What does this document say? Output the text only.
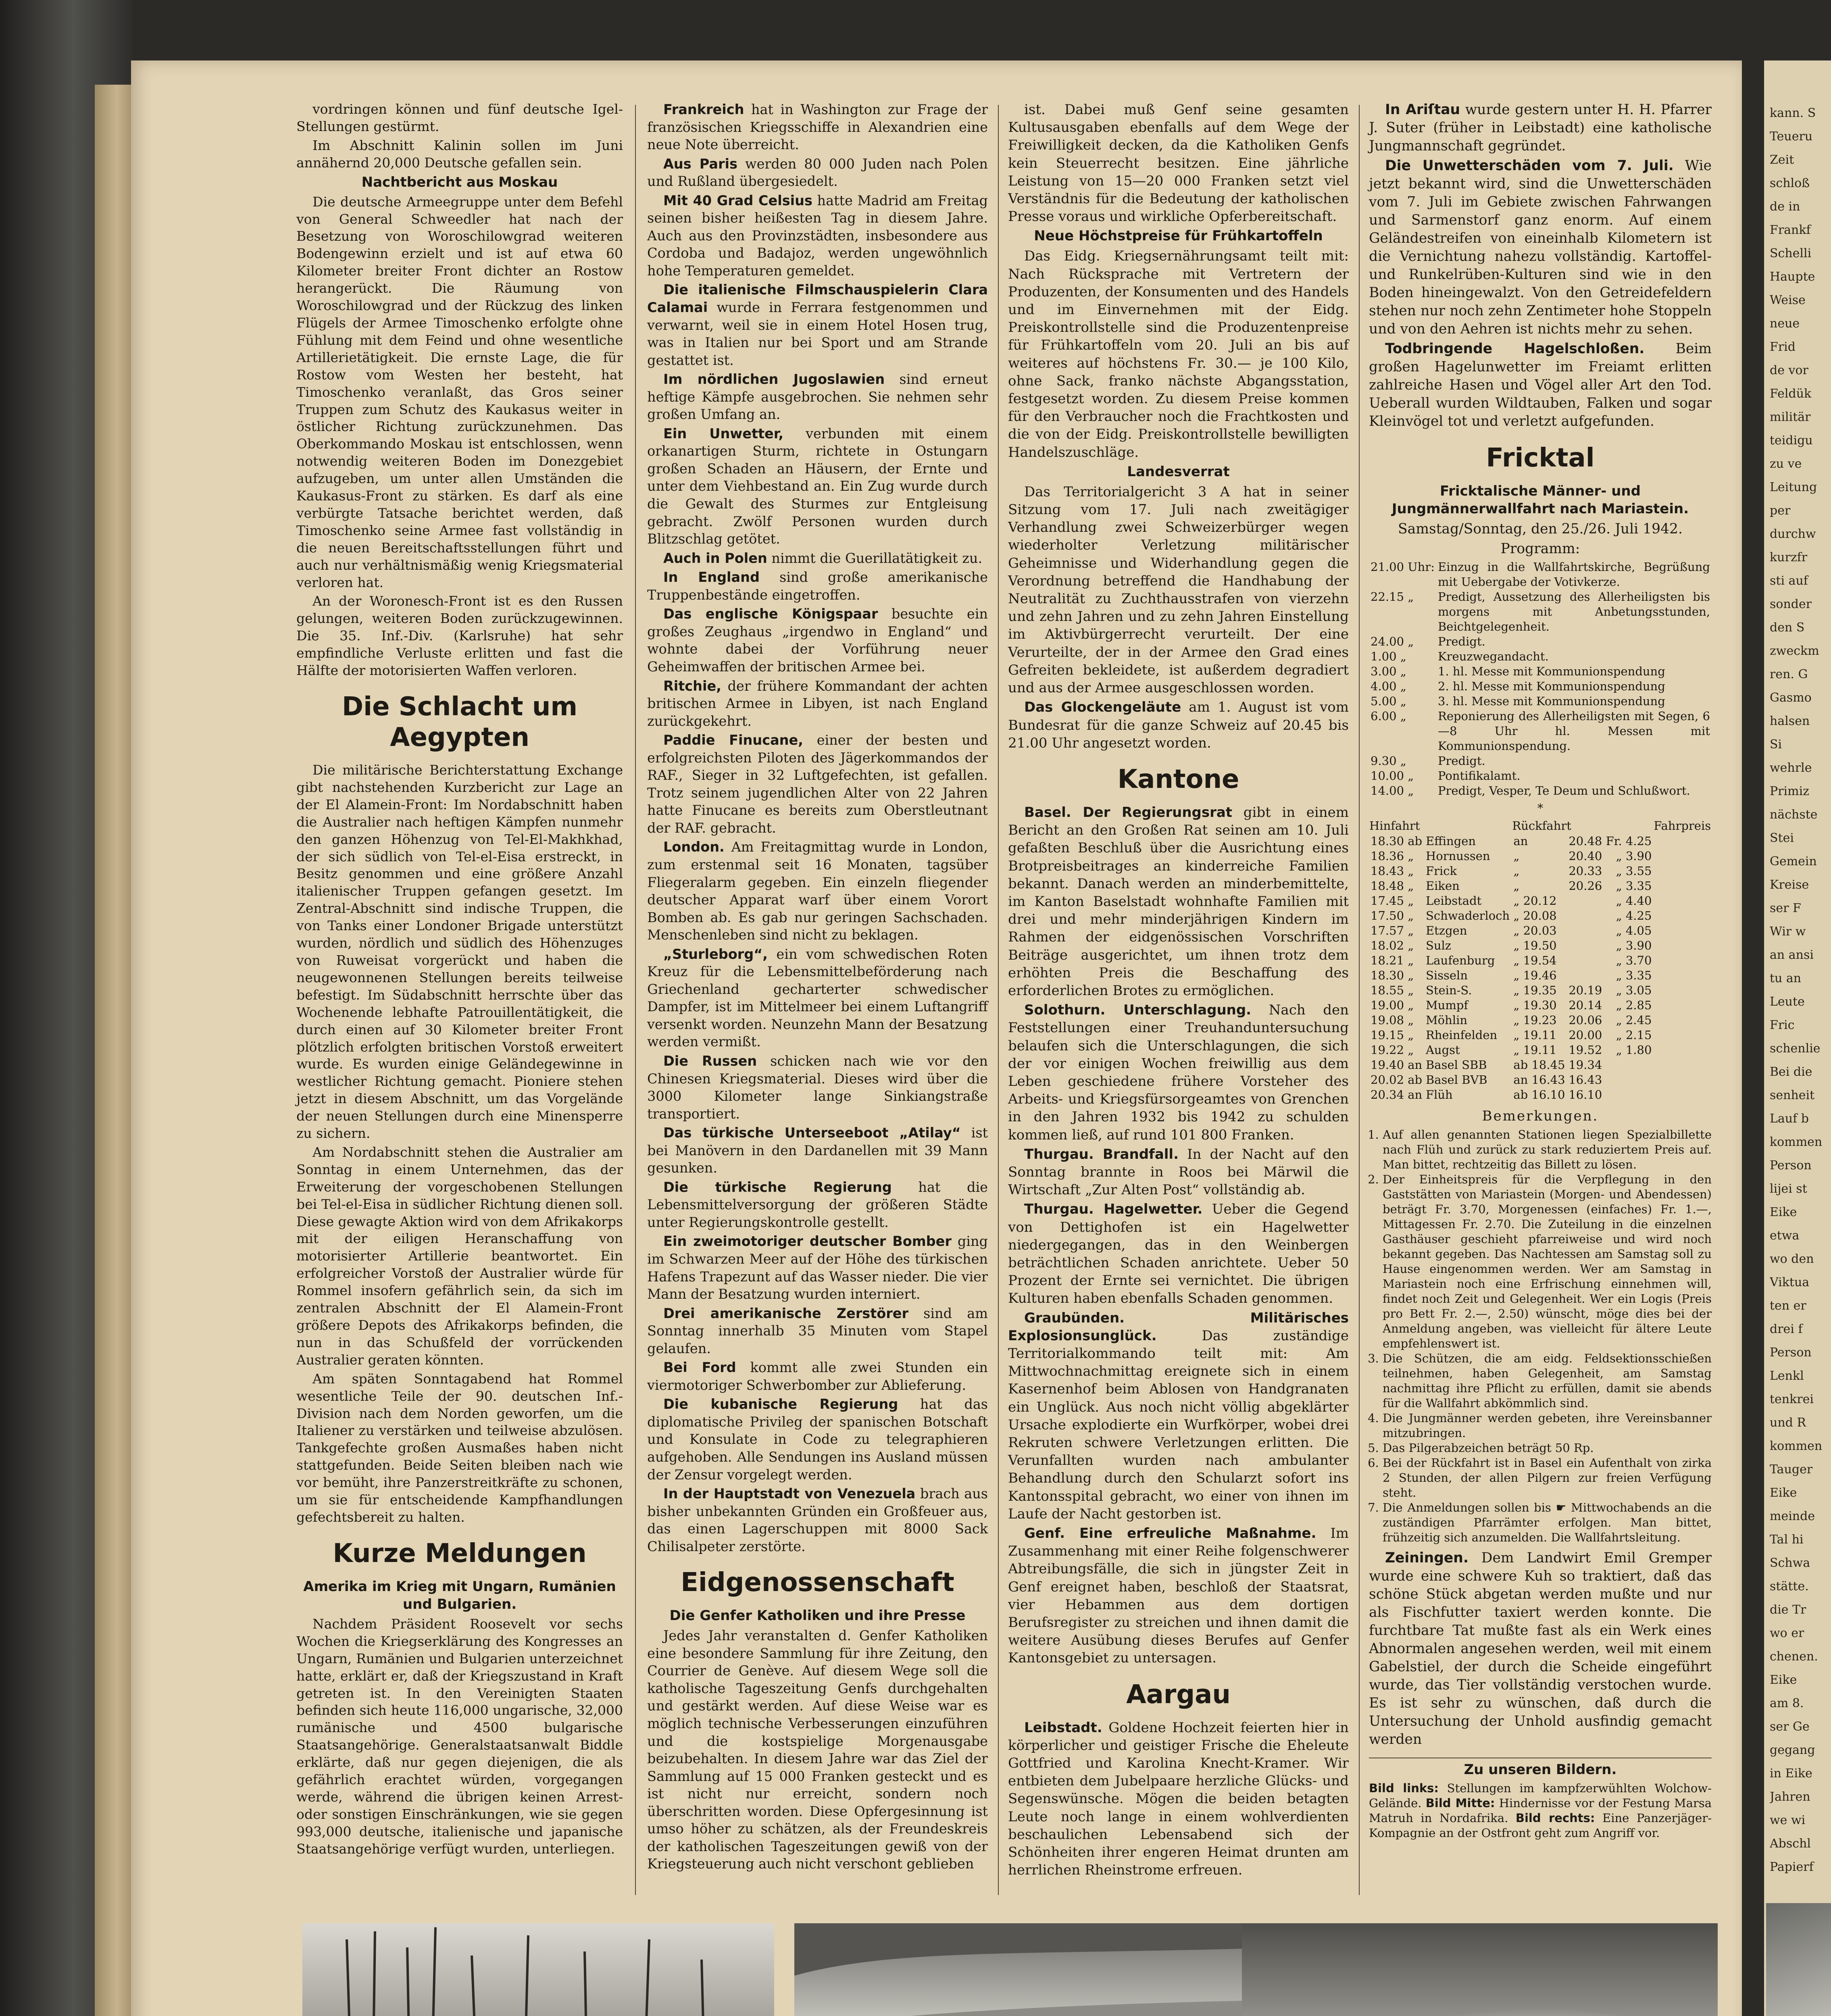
vordringen können und fünf deutsche Igel-Stellungen gestürmt.

Im Abschnitt Kalinin sollen im Juni annähernd 20,000 Deutsche gefallen sein.

Nachtbericht aus Moskau

Die deutsche Armeegruppe unter dem Befehl von General Schweedler hat nach der Besetzung von Woroschilowgrad weiteren Bodengewinn erzielt und ist auf etwa 60 Kilometer breiter Front dichter an Rostow herangerückt. Die Räumung von Woroschilowgrad und der Rückzug des linken Flügels der Armee Timoschenko erfolgte ohne Fühlung mit dem Feind und ohne wesentliche Artillerietätigkeit. Die ernste Lage, die für Rostow vom Westen her besteht, hat Timoschenko veranlaßt, das Gros seiner Truppen zum Schutz des Kaukasus weiter in östlicher Richtung zurückzunehmen. Das Oberkommando Moskau ist entschlossen, wenn notwendig weiteren Boden im Donezgebiet aufzugeben, um unter allen Umständen die Kaukasus-Front zu stärken. Es darf als eine verbürgte Tatsache berichtet werden, daß Timoschenko seine Armee fast vollständig in die neuen Bereitschaftsstellungen führt und auch nur verhältnismäßig wenig Kriegsmaterial verloren hat.

An der Woronesch-Front ist es den Russen gelungen, weiteren Boden zurückzugewinnen. Die 35. Inf.-Div. (Karlsruhe) hat sehr empfindliche Verluste erlitten und fast die Hälfte der motorisierten Waffen verloren.

Die Schlacht um Aegypten

Die militärische Berichterstattung Exchange gibt nachstehenden Kurzbericht zur Lage an der El Alamein-Front: Im Nordabschnitt haben die Australier nach heftigen Kämpfen nunmehr den ganzen Höhenzug von Tel-El-Makhkhad, der sich südlich von Tel-el-Eisa erstreckt, in Besitz genommen und eine größere Anzahl italienischer Truppen gefangen gesetzt. Im Zentral-Abschnitt sind indische Truppen, die von Tanks einer Londoner Brigade unterstützt wurden, nördlich und südlich des Höhenzuges von Ruweisat vorgerückt und haben die neugewonnenen Stellungen bereits teilweise befestigt. Im Südabschnitt herrschte über das Wochenende lebhafte Patrouillentätigkeit, die durch einen auf 30 Kilometer breiter Front plötzlich erfolgten britischen Vorstoß erweitert wurde. Es wurden einige Geländegewinne in westlicher Richtung gemacht. Pioniere stehen jetzt in diesem Abschnitt, um das Vorgelände der neuen Stellungen durch eine Minensperre zu sichern.

Am Nordabschnitt stehen die Australier am Sonntag in einem Unternehmen, das der Erweiterung der vorgeschobenen Stellungen bei Tel-el-Eisa in südlicher Richtung dienen soll. Diese gewagte Aktion wird von dem Afrikakorps mit der eiligen Heranschaffung von motorisierter Artillerie beantwortet. Ein erfolgreicher Vorstoß der Australier würde für Rommel insofern gefährlich sein, da sich im zentralen Abschnitt der El Alamein-Front größere Depots des Afrikakorps befinden, die nun in das Schußfeld der vorrückenden Australier geraten könnten.

Am späten Sonntagabend hat Rommel wesentliche Teile der 90. deutschen Inf.-Division nach dem Norden geworfen, um die Italiener zu verstärken und teilweise abzulösen. Tankgefechte großen Ausmaßes haben nicht stattgefunden. Beide Seiten bleiben nach wie vor bemüht, ihre Panzerstreitkräfte zu schonen, um sie für entscheidende Kampfhandlungen gefechtsbereit zu halten.

Kurze Meldungen
Amerika im Krieg mit Ungarn, Rumänien und Bulgarien.

Nachdem Präsident Roosevelt vor sechs Wochen die Kriegserklärung des Kongresses an Ungarn, Rumänien und Bulgarien unterzeichnet hatte, erklärt er, daß der Kriegszustand in Kraft getreten ist. In den Vereinigten Staaten befinden sich heute 116,000 ungarische, 32,000 rumänische und 4500 bulgarische Staatsangehörige. Generalstaatsanwalt Biddle erklärte, daß nur gegen diejenigen, die als gefährlich erachtet würden, vorgegangen werde, während die übrigen keinen Arrest- oder sonstigen Einschränkungen, wie sie gegen 993,000 deutsche, italienische und japanische Staatsangehörige verfügt wurden, unterliegen.

Frankreich hat in Washington zur Frage der französischen Kriegsschiffe in Alexandrien eine neue Note überreicht.

Aus Paris werden 80 000 Juden nach Polen und Rußland übergesiedelt.

Mit 40 Grad Celsius hatte Madrid am Freitag seinen bisher heißesten Tag in diesem Jahre. Auch aus den Provinzstädten, insbesondere aus Cordoba und Badajoz, werden ungewöhnlich hohe Temperaturen gemeldet.

Die italienische Filmschauspielerin Clara Calamai wurde in Ferrara festgenommen und verwarnt, weil sie in einem Hotel Hosen trug, was in Italien nur bei Sport und am Strande gestattet ist.

Im nördlichen Jugoslawien sind erneut heftige Kämpfe ausgebrochen. Sie nehmen sehr großen Umfang an.

Ein Unwetter, verbunden mit einem orkanartigen Sturm, richtete in Ostungarn großen Schaden an Häusern, der Ernte und unter dem Viehbestand an. Ein Zug wurde durch die Gewalt des Sturmes zur Entgleisung gebracht. Zwölf Personen wurden durch Blitzschlag getötet.

Auch in Polen nimmt die Guerillatätigkeit zu.

In England sind große amerikanische Truppenbestände eingetroffen.

Das englische Königspaar besuchte ein großes Zeughaus „irgendwo in England“ und wohnte dabei der Vorführung neuer Geheimwaffen der britischen Armee bei.

Ritchie, der frühere Kommandant der achten britischen Armee in Libyen, ist nach England zurückgekehrt.

Paddie Finucane, einer der besten und erfolgreichsten Piloten des Jägerkommandos der RAF., Sieger in 32 Luftgefechten, ist gefallen. Trotz seinem jugendlichen Alter von 22 Jahren hatte Finucane es bereits zum Oberstleutnant der RAF. gebracht.

London. Am Freitagmittag wurde in London, zum erstenmal seit 16 Monaten, tagsüber Fliegeralarm gegeben. Ein einzeln fliegender deutscher Apparat warf über einem Vorort Bomben ab. Es gab nur geringen Sachschaden. Menschenleben sind nicht zu beklagen.

„Sturleborg“, ein vom schwedischen Roten Kreuz für die Lebensmittelbeförderung nach Griechenland gecharterter schwedischer Dampfer, ist im Mittelmeer bei einem Luftangriff versenkt worden. Neunzehn Mann der Besatzung werden vermißt.

Die Russen schicken nach wie vor den Chinesen Kriegsmaterial. Dieses wird über die 3000 Kilometer lange Sinkiangstraße transportiert.

Das türkische Unterseeboot „Atilay“ ist bei Manövern in den Dardanellen mit 39 Mann gesunken.

Die türkische Regierung hat die Lebensmittelversorgung der größeren Städte unter Regierungskontrolle gestellt.

Ein zweimotoriger deutscher Bomber ging im Schwarzen Meer auf der Höhe des türkischen Hafens Trapezunt auf das Wasser nieder. Die vier Mann der Besatzung wurden interniert.

Drei amerikanische Zerstörer sind am Sonntag innerhalb 35 Minuten vom Stapel gelaufen.

Bei Ford kommt alle zwei Stunden ein viermotoriger Schwerbomber zur Ablieferung.

Die kubanische Regierung hat das diplomatische Privileg der spanischen Botschaft und Konsulate in Code zu telegraphieren aufgehoben. Alle Sendungen ins Ausland müssen der Zensur vorgelegt werden.

In der Hauptstadt von Venezuela brach aus bisher unbekannten Gründen ein Großfeuer aus, das einen Lagerschuppen mit 8000 Sack Chilisalpeter zerstörte.

Eidgenossenschaft
Die Genfer Katholiken und ihre Presse

Jedes Jahr veranstalten d. Genfer Katholiken eine besondere Sammlung für ihre Zeitung, den Courrier de Genève. Auf diesem Wege soll die katholische Tageszeitung Genfs durchgehalten und gestärkt werden. Auf diese Weise war es möglich technische Verbesserungen einzuführen und die kostspielige Morgenausgabe beizubehalten. In diesem Jahre war das Ziel der Sammlung auf 15 000 Franken gesteckt und es ist nicht nur erreicht, sondern noch überschritten worden. Diese Opfergesinnung ist umso höher zu schätzen, als der Freundeskreis der katholischen Tageszeitungen gewiß von der Kriegsteuerung auch nicht verschont geblieben

ist. Dabei muß Genf seine gesamten Kultusausgaben ebenfalls auf dem Wege der Freiwilligkeit decken, da die Katholiken Genfs kein Steuerrecht besitzen. Eine jährliche Leistung von 15—20 000 Franken setzt viel Verständnis für die Bedeutung der katholischen Presse voraus und wirkliche Opferbereitschaft.

Neue Höchstpreise für Frühkartoffeln

Das Eidg. Kriegsernährungsamt teilt mit: Nach Rücksprache mit Vertretern der Produzenten, der Konsumenten und des Handels und im Einvernehmen mit der Eidg. Preiskontrollstelle sind die Produzentenpreise für Frühkartoffeln vom 20. Juli an bis auf weiteres auf höchstens Fr. 30.— je 100 Kilo, ohne Sack, franko nächste Abgangsstation, festgesetzt worden. Zu diesem Preise kommen für den Verbraucher noch die Frachtkosten und die von der Eidg. Preiskontrollstelle bewilligten Handelszuschläge.

Landesverrat

Das Territorialgericht 3 A hat in seiner Sitzung vom 17. Juli nach zweitägiger Verhandlung zwei Schweizerbürger wegen wiederholter Verletzung militärischer Geheimnisse und Widerhandlung gegen die Verordnung betreffend die Handhabung der Neutralität zu Zuchthausstrafen von vierzehn und zehn Jahren und zu zehn Jahren Einstellung im Aktivbürgerrecht verurteilt. Der eine Verurteilte, der in der Armee den Grad eines Gefreiten bekleidete, ist außerdem degradiert und aus der Armee ausgeschlossen worden.

Das Glockengeläute am 1. August ist vom Bundesrat für die ganze Schweiz auf 20.45 bis 21.00 Uhr angesetzt worden.

Kantone

Basel. Der Regierungsrat gibt in einem Bericht an den Großen Rat seinen am 10. Juli gefaßten Beschluß über die Ausrichtung eines Brotpreisbeitrages an kinderreiche Familien bekannt. Danach werden an minderbemittelte, im Kanton Baselstadt wohnhafte Familien mit drei und mehr minderjährigen Kindern im Rahmen der eidgenössischen Vorschriften Beiträge ausgerichtet, um ihnen trotz dem erhöhten Preis die Beschaffung des erforderlichen Brotes zu ermöglichen.

Solothurn. Unterschlagung. Nach den Feststellungen einer Treuhanduntersuchung belaufen sich die Unterschlagungen, die sich der vor einigen Wochen freiwillig aus dem Leben geschiedene frühere Vorsteher des Arbeits- und Kriegsfürsorgeamtes von Grenchen in den Jahren 1932 bis 1942 zu schulden kommen ließ, auf rund 101 800 Franken.

Thurgau. Brandfall. In der Nacht auf den Sonntag brannte in Roos bei Märwil die Wirtschaft „Zur Alten Post“ vollständig ab.

Thurgau. Hagelwetter. Ueber die Gegend von Dettighofen ist ein Hagelwetter niedergegangen, das in den Weinbergen beträchtlichen Schaden anrichtete. Ueber 50 Prozent der Ernte sei vernichtet. Die übrigen Kulturen haben ebenfalls Schaden genommen.

Graubünden. Militärisches Explosionsunglück. Das zuständige Territorialkommando teilt mit: Am Mittwochnachmittag ereignete sich in einem Kasernenhof beim Ablosen von Handgranaten ein Unglück. Aus noch nicht völlig abgeklärter Ursache explodierte ein Wurfkörper, wobei drei Rekruten schwere Verletzungen erlitten. Die Verunfallten wurden nach ambulanter Behandlung durch den Schularzt sofort ins Kantonsspital gebracht, wo einer von ihnen im Laufe der Nacht gestorben ist.

Genf. Eine erfreuliche Maßnahme. Im Zusammenhang mit einer Reihe folgenschwerer Abtreibungsfälle, die sich in jüngster Zeit in Genf ereignet haben, beschloß der Staatsrat, vier Hebammen aus dem dortigen Berufsregister zu streichen und ihnen damit die weitere Ausübung dieses Berufes auf Genfer Kantonsgebiet zu untersagen.

Aargau

Leibstadt. Goldene Hochzeit feierten hier in körperlicher und geistiger Frische die Eheleute Gottfried und Karolina Knecht-Kramer. Wir entbieten dem Jubelpaare herzliche Glücks- und Segenswünsche. Mögen die beiden betagten Leute noch lange in einem wohlverdienten beschaulichen Lebensabend sich der Schönheiten ihrer engeren Heimat drunten am herrlichen Rheinstrome erfreuen.

In Ariſtau wurde gestern unter H. H. Pfarrer J. Suter (früher in Leibstadt) eine katholische Jungmannschaft gegründet.

Die Unwetterschäden vom 7. Juli. Wie jetzt bekannt wird, sind die Unwetterschäden vom 7. Juli im Gebiete zwischen Fahrwangen und Sarmenstorf ganz enorm. Auf einem Geländestreifen von eineinhalb Kilometern ist die Vernichtung nahezu vollständig. Kartoffel- und Runkelrüben-Kulturen sind wie in den Boden hineingewalzt. Von den Getreidefeldern stehen nur noch zehn Zentimeter hohe Stoppeln und von den Aehren ist nichts mehr zu sehen.

Todbringende Hagelschloßen. Beim großen Hagelunwetter im Freiamt erlitten zahlreiche Hasen und Vögel aller Art den Tod. Ueberall wurden Wildtauben, Falken und sogar Kleinvögel tot und verletzt aufgefunden.

Fricktal
Fricktalische Männer- und Jungmännerwallfahrt nach Mariastein.

Samstag/Sonntag, den 25./26. Juli 1942.

Programm:

21.00 Uhr:	Einzug in die Wallfahrtskirche, Begrüßung mit Uebergabe der Votivkerze.
22.15 „	Predigt, Aussetzung des Allerheiligsten bis morgens mit Anbetungsstunden, Beichtgelegenheit.
24.00 „	Predigt.
1.00 „	Kreuzwegandacht.
3.00 „	1. hl. Messe mit Kommunionspendung
4.00 „	2. hl. Messe mit Kommunionspendung
5.00 „	3. hl. Messe mit Kommunionspendung
6.00 „	Reponierung des Allerheiligsten mit Segen, 6—8 Uhr hl. Messen mit Kommunionspendung.
9.30 „	Predigt.
10.00 „	Pontifikalamt.
14.00 „	Predigt, Vesper, Te Deum und Schlußwort.
*
Hinfahrt		Rückfahrt			Fahrpreis
18.30 ab	Effingen	an	20.48	Fr. 4.25	
18.36 „	Hornussen	„	20.40	„ 3.90	
18.43 „	Frick	„	20.33	„ 3.55	
18.48 „	Eiken	„	20.26	„ 3.35	
17.45 „	Leibstadt	„ 20.12		„ 4.40	
17.50 „	Schwaderloch	„ 20.08		„ 4.25	
17.57 „	Etzgen	„ 20.03		„ 4.05	
18.02 „	Sulz	„ 19.50		„ 3.90	
18.21 „	Laufenburg	„ 19.54		„ 3.70	
18.30 „	Sisseln	„ 19.46		„ 3.35	
18.55 „	Stein-S.	„ 19.35	20.19	„ 3.05	
19.00 „	Mumpf	„ 19.30	20.14	„ 2.85	
19.08 „	Möhlin	„ 19.23	20.06	„ 2.45	
19.15 „	Rheinfelden	„ 19.11	20.00	„ 2.15	
19.22 „	Augst	„ 19.11	19.52	„ 1.80	
19.40 an	Basel SBB	ab 18.45	19.34		
20.02 ab	Basel BVB	an 16.43	16.43		
20.34 an	Flüh	ab 16.10	16.10		
Bemerkungen.
1. Auf allen genannten Stationen liegen Spezialbillette nach Flüh und zurück zu stark reduziertem Preis auf. Man bittet, rechtzeitig das Billett zu lösen.
2. Der Einheitspreis für die Verpflegung in den Gaststätten von Mariastein (Morgen- und Abendessen) beträgt Fr. 3.70, Morgenessen (einfaches) Fr. 1.—, Mittagessen Fr. 2.70. Die Zuteilung in die einzelnen Gasthäuser geschieht pfarreiweise und wird noch bekannt gegeben. Das Nachtessen am Samstag soll zu Hause eingenommen werden. Wer am Samstag in Mariastein noch eine Erfrischung einnehmen will, findet noch Zeit und Gelegenheit. Wer ein Logis (Preis pro Bett Fr. 2.—, 2.50) wünscht, möge dies bei der Anmeldung angeben, was vielleicht für ältere Leute empfehlenswert ist.
3. Die Schützen, die am eidg. Feldsektionsschießen teilnehmen, haben Gelegenheit, am Samstag nachmittag ihre Pflicht zu erfüllen, damit sie abends für die Wallfahrt abkömmlich sind.
4. Die Jungmänner werden gebeten, ihre Vereinsbanner mitzubringen.
5. Das Pilgerabzeichen beträgt 50 Rp.
6. Bei der Rückfahrt ist in Basel ein Aufenthalt von zirka 2 Stunden, der allen Pilgern zur freien Verfügung steht.
7. Die Anmeldungen sollen bis ☛ Mittwochabends an die zuständigen Pfarrämter erfolgen. Man bittet, frühzeitig sich anzumelden. Die Wallfahrtsleitung.

Zeiningen. Dem Landwirt Emil Gremper wurde eine schwere Kuh so traktiert, daß das schöne Stück abgetan werden mußte und nur als Fischfutter taxiert werden konnte. Die furchtbare Tat mußte fast als ein Werk eines Abnormalen angesehen werden, weil mit einem Gabelstiel, der durch die Scheide eingeführt wurde, das Tier vollständig verstochen wurde. Es ist sehr zu wünschen, daß durch die Untersuchung der Unhold ausfindig gemacht werden

Zu unseren Bildern.

Bild links: Stellungen im kampfzerwühlten Wolchow-Gelände. Bild Mitte: Hindernisse vor der Festung Marsa Matruh in Nordafrika. Bild rechts: Eine Panzerjäger-Kompagnie an der Ostfront geht zum Angriff vor.

kann. S
Teueru
Zeit
schloß
de in
Frankf
Schelli
Haupte
Weise
neue
Frid
de vor
Feldük
militär
teidigu
zu ve
Leitung
per
durchw
kurzfr
sti auf
sonder
den S
zweckm
ren. G
Gasmo
halsen
Si
wehrle
Primiz
nächste
Stei
Gemein
Kreise
ser F
Wir w
an ansi
tu an
Leute
Fric
schenlie
Bei die
senheit
Lauf b
kommen
Person
lijei st
Eike
etwa
wo den
Viktua
ten er
drei f
Person
Lenkl
tenkrei
und R
kommen
Tauger
Eike
meinde
Tal hi
Schwa
stätte.
die Tr
wo er
chenen.
Eike
am 8.
ser Ge
gegang
in Eike
Jahren
we wi
Abschl
Papierf
